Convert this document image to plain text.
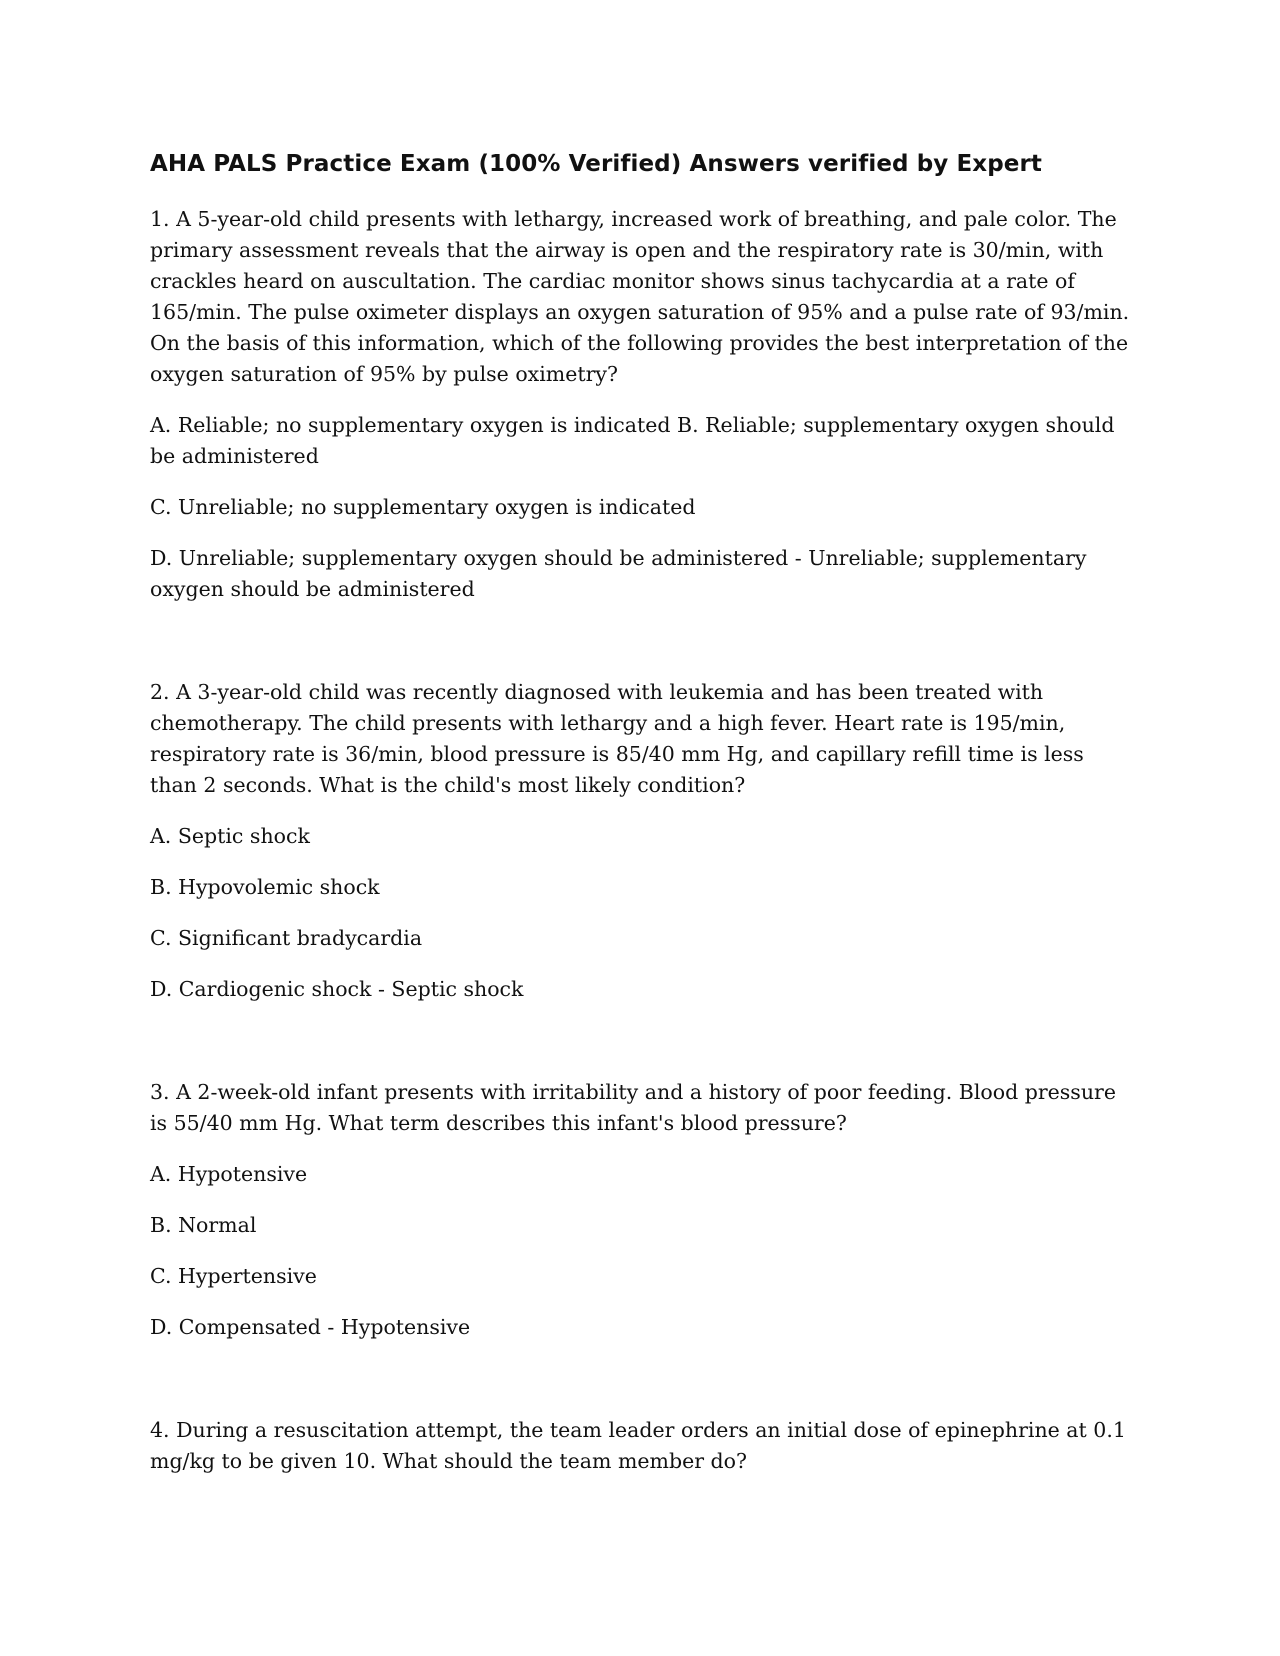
AHA PALS Practice Exam (100% Verified) Answers verified by Expert

1. A 5-year-old child presents with lethargy, increased work of breathing, and pale color. The primary assessment reveals that the airway is open and the respiratory rate is 30/min, with crackles heard on auscultation. The cardiac monitor shows sinus tachycardia at a rate of 165/min. The pulse oximeter displays an oxygen saturation of 95% and a pulse rate of 93/min. On the basis of this information, which of the following provides the best interpretation of the oxygen saturation of 95% by pulse oximetry?

A. Reliable; no supplementary oxygen is indicated B. Reliable; supplementary oxygen should be administered

C. Unreliable; no supplementary oxygen is indicated

D. Unreliable; supplementary oxygen should be administered - Unreliable; supplementary oxygen should be administered

2. A 3-year-old child was recently diagnosed with leukemia and has been treated with chemotherapy. The child presents with lethargy and a high fever. Heart rate is 195/min, respiratory rate is 36/min, blood pressure is 85/40 mm Hg, and capillary refill time is less than 2 seconds. What is the child's most likely condition?

A. Septic shock

B. Hypovolemic shock

C. Significant bradycardia

D. Cardiogenic shock - Septic shock

3. A 2-week-old infant presents with irritability and a history of poor feeding. Blood pressure is 55/40 mm Hg. What term describes this infant's blood pressure?

A. Hypotensive

B. Normal

C. Hypertensive

D. Compensated - Hypotensive

4. During a resuscitation attempt, the team leader orders an initial dose of epinephrine at 0.1 mg/kg to be given 10. What should the team member do?
